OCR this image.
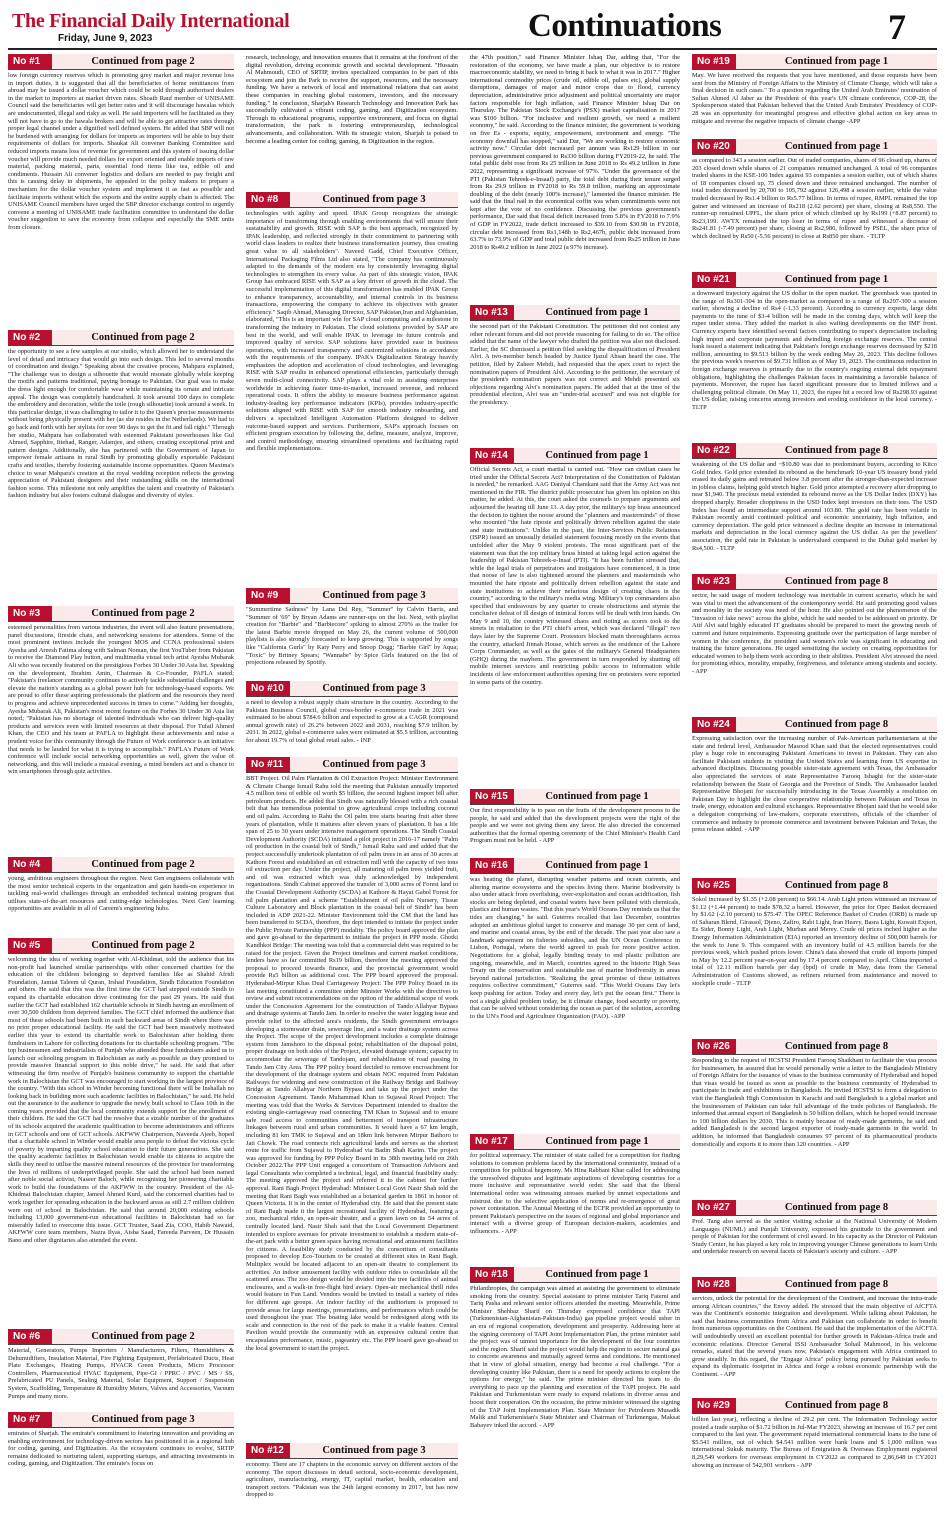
The Financial Daily International
Friday, June 9, 2023	Continuations	7
No #1	Continued from page 2
low foreign currency reserves which is promoting grey market and major revenue loss in import duties, it is suggested that all the beneficiaries of home remittances from abroad may be issued a dollar voucher which could be sold through authorised dealers in the market to importers at market driven rates. Shoaib Rauf member of UNISAME Council said the beneficiaries will get better rates and it will discourage hawalas which are undocumented, illegal and risky as well. He said importers will be facilitated as they will not have to go to the hawala brokers and will be able to get attractive rates through proper legal channel under a dignified well defined system. He added that SBP will not be burdened with arranging for dollars for imports as importers will be able to buy their requirements of dollars for imports. Shaukat Ali convener Banking Committee said reduced imports means loss of revenue for government and this system of issuing dollar voucher will provide much needed dollars for export oriented and enable imports of raw material, packing material, parts, essential food items like tea, edible oil and condiments. Hussain Ali convener logistics and dollars are needed to pay freight and this is causing delay in shipments, he appealed to the policy makers to prepare a mechanism for the dollar voucher system and implement it as fast as possible and facilitate imports without which the exports and the entire supply chain is affected. The UNISAME Council members have urged the SBP director exchange control to urgently convene a meeting of UNISAME trade facilitation committee to understand the dollar voucher suggestion to save the economy from collapse and especially the SME units from closure.
No #2	Continued from page 2
the opportunity to see a few samples at our studio, which allowed her to understand the level of detail and intricacy that would go into each design. This led to several months of coordination and design." Speaking about the creative process, Mahpara explained, "The challenge was to design a silhouette that would resonate globally while keeping the motifs and patterns traditional, paying homage to Pakistan. Our goal was to make the dress light enough for comfortable wear while maintaining its ornate and intricate appeal. The design was completely handcrafted. It took around 100 days to complete the embroidery and decoration, while the toile (rough silhouette) took around a week. In this particular design, it was challenging to tailor it to the Queen's precise measurements without being physically present with her (as she resides in the Netherlands). We had to go back and forth with her stylists for over 90 days to get the fit and fall right." Through her studio, Mahpara has collaborated with esteemed Pakistani powerhouses like Gul Ahmed, Sapphire, Ittehad, Ranger, Adamjee, and others, creating exceptional print and pattern designs. Additionally, she has partnered with the Government of Japan to empower female artisans in rural Sindh by promoting globally exportable Pakistani crafts and textiles, thereby fostering sustainable income opportunities. Queen Maxima's choice to wear Mahpara's creation at the royal wedding reception reflects the growing appreciation of Pakistani designers and their outstanding skills on the international fashion scene. This milestone not only amplifies the talent and creativity of Pakistan's fashion industry but also fosters cultural dialogue and diversity of styles.
No #3	Continued from page 2
esteemed personalities from various industries, the event will also feature presentations, panel discussions, fireside chats, and networking sessions for attendees. Some of the most prominent invitees include the youngest MOS and CCNA professional sisters Ayesha and Areesh Fatima along with Salman Noman, the first YouTuber from Pakistan to receive the Diamond Play button, and multimedia visual tech artist Ayesha Mubarak Ali who was recently featured on the prestigious Forbes 30 Under 30 Asia list. Speaking on the development, Ibrahim Amin, Chairman & Co-Founder, PAFLA stated; "Pakistan's freelancer community continues to actively tackle substantial challenges and elevate the nation's standing as a global power hub for technology-based exports. We are proud to offer these aspiring professionals the platform and the resources they need to progress and achieve unprecedented success in times to come." Adding her thoughts, Ayesha Mubarak Ali, Pakistan's most recent feature on the Forbes 30 Under 30 Asia list noted; "Pakistan has no shortage of talented individuals who can deliver high-quality products and services even with limited resources at their disposal. For Tufail Ahmed Khan, the CEO and his team at PAFLA to highlight these achievements and raise a prudent voice for this community through the Future of Work conference is an initiative that needs to be lauded for what it is trying to accomplish." PAFLA's Future of Work conference will include social networking opportunities as well, given the value of networking, and this will include a musical evening, a mind benders act and a chance to win smartphones through quiz activities.
No #4	Continued from page 2
young, ambitious engineers throughout the region. Next Gen engineers collaborate with the most senior technical experts in the organization and gain hands-on experience in tackling real-world challenges through an embedded technical training program that utilises state-of-the-art resources and cutting-edge technologies. 'Next Gen' learning opportunities are available in all of Careem's engineering hubs.
No #5	Continued from page 2
welcoming the idea of working together with Al-Khidmat, told the audience that his non-profit had launched similar partnerships with other concerned charities for the education of the children belonging to deprived families like as Shahid Afridi Foundation, Jamiat Taleem ul Quran, Irshad Foundation, Sindh Education Foundation and others. He said that this was the first time the GCT had stepped outside Sindh to expand its charitable education drive continuing for the past 29 years. He said that earlier the GCT had established 162 charitable schools in Sindh having an enrollment of over 30,500 children from deprived families. The GCT chief informed the audience that most of these schools had been built in such backward areas of Sindh where there was no prior proper educational facility. He said the GCT had been massively motivated earlier this year to extend its charitable work to Balochistan after holding three fundraisers in Lahore for collecting donations for its charitable schooling program. "The top businessmen and industrialists of Punjab who attended these fundraisers asked us to launch our schooling program in Balochistan as early as possible as they promised to provide massive financial support to this noble drive," he said. He said that after witnessing the firm resolve of Punjab's business community to support the charitable work in Balochistan the GCT was encouraged to start working in the largest province of the country. "With this school in Winder becoming functional there will be Inshallah no looking back in building more such academic facilities in Balochistan," he said. He held out the assurance to the audience to upgrade the newly built school to Class 10th in the coming years provided that the local community extends support for the enrollment of their children. He said the GCT had the resolve that a sizable number of the graduates of its schools acquired the academic qualification to become administrators and officers in GCT schools and one of GCT schools. AKFWW Chairperson, Naveeda Ajeeb, hoped that a charitable school in Winder would enable area people to defeat the vicious cycle of poverty by imparting quality school education to their future generations. She said the quality academic facilities in Balochistan would enable its citizens to acquire the skills they need to utilise the massive mineral resources of the province for transforming the lives of millions of underprivileged people. She said the school had been named after noble social activist, Naseer Baloch, while recognising her pioneering charitable work to build the foundations of the AKFWW in the country. President of the Al-Khidmat Balochistan chapter, Jameel Ahmed Kurd, said the concerned charities had to work together for spreading education in the backward areas as still 2.7 million children were out of school in Balochistan. He said that around 20,000 existing schools including 13,000 government-run educational facilities in Balochistan had so far miserably failed to overcome this issue. GCT Trustee, Saad Zia, COO, Habib Nawaid, AKFWW core team members, Nazra Ilyas, Aisha Saad, Fareeda Parveen, Dr Hussain Bano and other dignitaries also attended the event.
No #6	Continued from page 2
Material, Generators, Pumps Importers / Manufacturers, Filters, Humidifiers & Dehumidifiers, Insulation Material, Fire Fighting Equipment, Prefabricated Ducts, Heat Plate Exchanges, Heating Pumps, HVACR Green Products, Micro Processor Controllers, Pharmaceutical HVAC Equipment, Pipe-GI / PPRC / PVC / MS / SS, Prefabricated PU Panels, Sealing Material, Solar Equipment, Support / Suspension System, Scaffolding, Temperature & Humidity Meters, Valves and Accessories, Vacuum Pumps and many more.
No #7	Continued from page 3
emirates of Sharjah. The emirate's commitment to fostering innovation and providing an enabling environment for technology-driven sectors has positioned it as a regional hub for coding, gaming, and Digitization. As the ecosystem continues to evolve, SRTIP remains dedicated to nurturing talent, supporting startups, and attracting investments in coding, gaming, and Digitization. The emirate's focus on
research, technology, and innovation ensures that it remains at the forefront of the digital revolution, driving economic growth and societal development. "Hussain Al Mahmoudi, CEO of SRTIP, invites specialized companies to be part of this ecosystem and join the Park to receive the support, resources, and the necessary funding. We have a network of local and international relations that can assist these companies in reaching global customers, investors, and the necessary funding." In conclusion, Sharjah's Research Technology and Innovation Park has successfully cultivated a vibrant coding, gaming, and Digitization ecosystem. Through its educational programs, supportive environment, and focus on digital transformation, the park is fostering entrepreneurship, technological advancements, and collaboration. With its strategic vision, Sharjah is poised to become a leading center for coding, gaming, & Digitization in the region.
No #8	Continued from page 3
technologies with agility and speed. IPAK Group recognizes the strategic importance of transforming through enabling environments that will ensure their sustainability and growth. RISE with SAP is the best approach, recognized by IPAK leadership, and reflected strongly in their commitment to partnering with world class leaders to realize their business transformation journey, thus creating great value to all stakeholders". Naveed Gadd, Chief Executive Officer, International Packaging Films Ltd also stated, "The company has continuously adapted to the demands of the modern era by consistently leveraging digital technologies to strengthen its every value. As part of this strategic vision, IPAK Group has embraced RISE with SAP as a key driver of growth in the cloud. The successful implementation of this digital transformation has enabled IPAK Group to enhance transparency, accountability, and internal controls in its business transactions, empowering the company to achieve its objectives with greater efficiency." Saqib Ahmad, Managing Director, SAP Pakistan,Iran and Afghanistan, elaborated, "This is an important win for SAP cloud computing and a milestone in transforming the industry in Pakistan. The cloud solutions provided by SAP are best in the world, and will enable IPAK to leverage its future controls and improved quality of service. SAP solutions have provided ease in business operations, with increased transparency and customized solutions in accordance with the requirements of the company. IPAK's Digitalization Strategy heavily emphasizes the adoption and acceleration of cloud technologies, and leveraging RISE with SAP results in enhanced operational efficiencies, particularly through seven multi-cloud connectivity. SAP plays a vital role in assisting enterprises worldwide in achieving faster time-to-market, increased revenue, and reduced operational costs. It offers the ability to measure business performance against industry-leading key performance indicators (KPIs), provides industry-specific solutions aligned with RISE with SAP for smooth industry onboarding, and delivers a specialized Intelligent Automation Platform designed to deliver outcome-based support and services. Furthermore, SAP's approach focuses on efficient program execution by following the, define, measure, analyze, improve, and control methodology, ensuring streamlined operations and facilitating rapid and flexible implementations.
No #9	Continued from page 3
"Summertime Sadness" by Lana Del Rey, "Summer" by Calvin Harris, and "Summer of '69" by Bryan Adams are runner-ups on the list. Next, with playlist creation for "Barbie" and "Barbiecore" spiking to almost 270% as the trailer for the latest Barbie movie dropped on May 26, the current volume of 500,000 playlists is also strongly forecasted to keep growing. This is supported by songs like "California Gurls" by Katy Perry and Snoop Dogg; "Barbie Girl" by Aqua; "Toxic" by Britney Spears; "Wannabe" by Spice Girls featured on the list of projections released by Spotify.
No #10	Continued from page 3
a need to develop a robust supply chain structure in the country. According to the Pakistan Business Council, global cross-border e-commerce trade in 2021 was estimated to be about $784.6 billion and expected to grow at a CAGR (compound annual growth rate) of 26.2% between 2022 and 2031, reaching $7.9 trillion by 2031. In 2022, global e-commerce sales were estimated at $5.5 trillion, accounting for about 19.7% of total global retail sales. - INP
No #11	Continued from page 3
BBT Project. Oil Palm Plantation & Oil Extraction Project: Minister Environment & Climate Change Ismail Rahu told the meeting that Pakistan annually imported 4.5 million tons of edible oil worth $5 billion, the second highest import bill after petroleum products. He added that Sindh was naturally blessed with a rich coastal belt that has tremendous potential to grow agricultural crops including coconut and oil palm. According to Rahu the Oil palm tree starts bearing fruit after three years of plantation, while it matures after eleven years of plantation. It has a life span of 25 to 30 years under intensive management operations. The Sindh Coastal Development Authority (SCDA) initiated a pilot project in 2016-17 namely "Palm oil production in the coastal belt of Sindh," Ismail Rahu said and added that the project successfully undertook plantation of oil palm trees in an area of 30 acres at Kathore Forest and established an oil extraction mill with the capacity of two tons oil extraction per day. Under the project, all maturing oil palm trees yielded fruit, and oil was extracted which was duly acknowledged by independent organizations. Sindh Cabinet approved the transfer of 3,000 acres of Forest land to the Coastal Development Authority (SCDA) at Kathore & Hayat Gabol Forest for oil palm plantation and a scheme "Establishment of oil palm Nursery, Tissue Culture Laboratory and Block plantation in the coastal belt of Sindh" has been included in ADP 2021-22. Minister Environment told the CM that the land has been transferred to SCDA, therefore, the dept intended to initiate the project under the Public Private Partnership (PPP) modality. The policy board approved the plan and gave go-ahead to the department to initiate the project in PPP mode. Ghotki Kandhkot Bridge: The meeting was told that a commercial debt was required to be raised for the project. Given the Project timelines and current market conditions, lenders have so far committed Rs19 billion, therefore the meeting approved the proposal to proceed towards finance, and the provincial government would provide Rs5 billion as additional cost. The PPP board approved the proposal. Hyderabad-Mirpur Khas Dual Carriageway Project: The PPP Policy Board in its last meeting constituted a committee under Minister Works with the directives to review and submit recommendations on the option of the additional scope of work under the Concession Agreement for the construction of Tando Allahyar Bypass and drainage systems at Tando Jam. In order to resolve the water logging issue and provide relief to the affected area's residents, the Sindh government envisages developing a stormwater drain, sewerage line, and a water drainage system across the Project. The scope of the project development includes a complete drainage system from Jamshoro to the disposal point; rehabilitation of the disposal point, proper drainage on both sides of the Project, elevated drainage system; capacity to accommodate the sewerage of Tandojam, and rehabilitation of road passing in Tando Jam City Area. The PPP policy board decided to remove encroachment for the development of the drainage system and obtain NOC required from Pakistan Railways for widening and new construction of the Railway Bridge and Railway Bridge at Tando Allahyar Northern Bypass and take up the project under the Concession Agreement. Tando Muhammad Khan to Sujawal Road Project: The meeting was told that the Works & Services Department intended to dualize the existing single-carriageway road connecting TM Khan to Sujawal and to ensure safe road access to communities and betterment of transport infrastructure linkages between rural and urban communities. It would have a 67 km length, including 81 km TMK to Sujawal and an 18km link between Mirpur Bathoro to Jati Chowk. The road connects rich agricultural lands and serves as the shortest route for traffic from Sujawal to Hyderabad via Badin Shah Karim. The project was approved for funding by PPP Policy Board in its 38th meeting held on 26th October 2022.The PPP Unit engaged a consortium of Transaction Advisors and legal Consultants who completed a technical, legal, and financial feasibility study. The meeting approved the project and referred it to the cabinet for further approval. Rani Bagh Project Hyderabad: Minister Local Govt Nasir Shah told the meeting that Rani Bagh was established as a botanical garden in 1861 in honor of Queen Victoria. It is in the center of Hyderabad city. He said that the present state of Rani Bagh made it the largest recreational facility of Hyderabad, featuring a zoo, mechanical rides, an open-air theater, and a green lawn on its 54 acres of centrally located land. Nasir Shah said that the Local Government Department intended to explore avenues for private investment to establish a modern state-of-the-art park with a better green space having recreational and amusement facilities for citizens. A feasibility study conducted by the consortium of consultants proposed to develop Eco-Tourism to be created at different sites in Rani Bagh. Multiplex would be located adjacent to an open-air theatre to complement its activities. An indoor amusement facility with outdoor rides to consolidate all the scattered areas. The zoo design would be divided into the tree facilities of animal enclosures, and a walk-in free-flight bird aviary. Open-air mechanical thrill rides would feature in Fun Land. Vendors would be invited to install a variety of rides for different age groups. An indoor facility of the auditorium is proposed to provide areas for large meetings, presentations, and performances which could be used throughout the year. The boating lake would be redesigned along with its scale and connection to the rest of the park to make it a viable feature. Central Pavilion would provide the community with an expressive cultural centre that encapsulates performance, music, pageantry etc. The PPP board gave go-ahead to the local government to start the project.
No #12	Continued from page 3
economy. There are 17 chapters in the economic survey on different sectors of the economy. The report discusses in detail sectoral, socio-economic development, agriculture, manufacturing, energy, IT, capital market, health, education and transport sectors. "Pakistan was the 24th largest economy in 2017, but has now dropped to
the 47th position," said Finance Minister Ishaq Dar, adding that, "For the restoration of the economy, we have made a plan, our objective is to restore macroeconomic stability, we need to bring it back to what it was in 2017." Higher international commodity prices (crude oil, edible oil, pulses etc), global supply disruptions, damages of major and minor crops due to flood, currency depreciation, administrative price adjustment and political uncertainty are major factors responsible for high inflation, said Finance Minister Ishaq Dar on Thursday. The Pakistan Stock Exchange's (PSX) market capitalisation in 2017 was $100 billion. "For inclusive and resilient growth, we need a resilient economy," he said. According to the finance minister, the government is working on five Es - exports, equity, empowerment, environment and energy. "The economy downfall has stopped," said Dar, "We are working to restore economic activity now." Circular debt increased per annum was Rs129 billion in our previous government compared to Rs330 billion during FY2019-22, he said. The total public debt rose from Rs 25 trillion in June 2018 to Rs 49.2 trillion in June 2022, representing a significant increase of 97%. "Under the governance of the PTI (Pakistan Tehreek-e-Insaaf) party, the total debt during their tenure surged from Rs 29.9 trillion in FY2018 to Rs 59.8 trillion, marking an approximate doubling of the debt (nearly 100% increase)," lamented the finance minister. He said that the final nail in the economical coffin was when commitments were not kept after the vote of no confidence. Discussing the previous government's performance, Dar said that fiscal deficit increased from 5.8% in FY2018 to 7.9% of GDP in FY2022, trade deficit increased to $39.10 from $30.98 in FY2018, circular debt increased from Rs1,148b to Rs2,467b, public debt increased from 63.7% to 73.9% of GDP and total public debt increased from Rs25 trillion in June 2018 to Rs49.2 trillion in June 2022 (a 97% increase).
No #13	Continued from page 1
the second part of the Pakistani Constitution. The petitioner did not contest any other relevant forum and did not provide reasoning for failing to do so. The office added that the name of the lawyer who drafted the petition was also not disclosed. Earlier, the SC dismissed a petition filed seeking the disqualification of President Alvi. A two-member bench headed by Justice Ijazul Ahsan heard the case. The petition, filed by Zaheer Mehdi, had requested that the apex court to reject the nomination papers of President Alvi. According to the petitioner, the secretary of the president's nomination papers was not correct and Mehdi presented six objections regarding Alvi's nomination papers. He added that at the time of the presidential election, Alvi was an "under-trial accused" and was not eligible for the presidency.
No #14	Continued from page 1
Official Secrets Act, a court martial is carried out. "How can civilian cases be tried under the Official Secrets Act? Interpretation of the Constitution of Pakistan is needed," he remarked. AAG Daniyal Chamkani said that the Army Act was not mentioned in the FIR. The district public prosecutor has given his opinion on this matter, he added. At this, the court asked the counsels to prepare arguments and adjourned the hearing till June 13. A day prior, the military's top brass announced the decision to tighten the noose around the "planners and masterminds" of those who mounted "the hate riposte and politically driven rebellion against the state and state institutions". Unlike in the past, the Inter-Services Public Relations (ISPR) issued an unusually detailed statement focusing mostly on the events that unfolded after the May 9 violent protests. The most significant part of the statement was that the top military brass hinted at taking legal action against the leadership of Pakistan Tehreek-e-Insaf (PTI). "It has been further stressed that, while the legal trials of perpetrators and instigators have commenced, it is time that noose of law is also tightened around the planners and masterminds who mounted the hate riposte and politically driven rebellion against the state and state institutions to achieve their nefarious design of creating chaos in the country," according to the military's media wing. Military's top commanders also specified that endeavours by any quarter to create obstructions and stymie the conclusive defeat of ill design of inimical forces will be dealt with iron hands. On May 9 and 10, the country witnessed chaos and rioting as scores took to the streets in retaliation to the PTI chief's arrest, which was declared "illegal" two days later by the Supreme Court. Protestors blocked main thoroughfares across the country, attacked Jinnah House, which serves as the residence of the Lahore Corps Commander, as well as the gates of the military's General Headquarters (GHQ) during the mayhem. The government in turn responded by shutting off mobile internet services and restricting public access to information while incidents of law enforcement authorities opening fire on protesters were reported in some parts of the country.
No #15	Continued from page 1
Our first responsibility is to pass on the fruits of the development process to the people, he said and added that the development projects were the right of the people and we were not giving them any favor. He also directed the concerned authorities that the formal opening ceremony of the Chief Minister's Health Card Program must not be held. - APP
No #16	Continued from page 1
was heating the planet, disrupting weather patterns and ocean currents, and altering marine ecosystems and the species living there. Marine biodiversity is also under attack from overfishing, over-exploitation and ocean acidification, fish stocks are being depleted, and coastal waters have been polluted with chemicals, plastics and human wastes. "But this year's World Oceans Day reminds us that the tides are changing," he said. Guterres recalled that last December, countries adopted an ambitious global target to conserve and manage 30 per cent of land, and marine and coastal areas, by the end of the decade. The past year also saw a landmark agreement on fisheries subsidies, and the UN Ocean Conference in Lisbon, Portugal, where the world agreed to push for more positive action. Negotiations for a global, legally binding treaty to end plastic pollution are ongoing, meanwhile, and in March, countries agreed to the historic High Seas Treaty on the conservation and sustainable use of marine biodiversity in areas beyond national jurisdiction. "Realizing the great promise of these initiatives requires collective commitment," Guterres said. "This World Oceans Day let's keep pushing for action. Today and every day, let's put the ocean first." There is not a single global problem today, be it climate change, food security or poverty, that can be solved without considering the ocean as part of the solution, according to the UN's Food and Agriculture Organization (FAO). -APP
No #17	Continued from page 1
for political supremacy. The minister of state called for a competition for finding solutions to common problems faced by the international community, instead of a competition for political hegemony. Ms Hina Rabbani Khar called for addressing the unresolved disputes and legitimate aspirations of developing countries for a more inclusive and representative world order. She said that the liberal international order was witnessing stresses marked by unmet expectations and mistrust due to the selective application of norms and re-emergence of great power contestation. The Annual Meeting of the ECFR provided an opportunity to present Pakistan's perspective on the issues of regional and global importance and interact with a diverse group of European decision-makers, academies and influencers. - APP
No #18	Continued from page 1
Philanthropies, the campaign was aimed at assisting the government to eliminate smoking from the country. Special assistant to prime minister Tariq Fatemi and Tariq Pasha and relevant senior officers attended the meeting. Meanwhile, Prime Minister Shehbaz Sharif on Thursday expressed confidence that TAPI (Turkmenistan-Afghanistan-Pakistan-India) gas pipeline project would usher in an era of regional cooperation, development and prosperity. Addressing here at the signing ceremony of TAPI Joint Implementation Plan, the prime minister said the project was of utmost importance for the development of the four countries and the region. Sharif said the project would help the region to secure natural gas to concrete awareness and mutually agreed terms and conditions. He mentioned that in view of global situation, energy had become a real challenge. "For a developing country like Pakistan, there is a need for speedy actions to explore the options for energy," he said. The prime minister directed his team to do everything to pace up the planning and execution of the TAPI project. He said Pakistan and Turkmenistan were ready to expand relations in diverse areas and boost their cooperation. On the occasion, the prime minister witnessed the signing of the TAP Joint Implementation Plan. State Minister for Petroleum Musadik Malik and Turkmenistan's State Minister and Chairman of Turkmengas, Maksat Babayev inked the accord. - APP
No #19	Continued from page 1
May. We have received the requests that you have mentioned, and those requests have been sent from the Ministry of Foreign Affairs to the Ministry of Climate Change, which will take a final decision in such cases." To a question regarding the United Arab Emirates' nomination of Sultan Ahmed Al Jaber as the President of this year's UN climate conference, COP-28, the Spokesperson stated that Pakistan believed that the United Arab Emirates' Presidency of COP-28 was an opportunity for meaningful progress and effective global action on key areas to mitigate and reverse the negative impacts of climate change -APP
No #20	Continued from page 1
as compared to 343 a session earlier. Out of traded companies, shares of 96 closed up, shares of 203 closed down while shares of 21 companies remained unchanged. A total of 96 companies traded shares in the KSE-100 Index against 93 companies a session earlier, out of which shares of 18 companies closed up, 75 closed down and three remained unchanged. The number of total trades decreased by 20,700 to 105,792 against 126,498 a session earlier, while the value traded decreased by Rs1.4 billion to Rs5.77 billion. In terms of rupee, RMPL remained the top gainer and witnessed an increase of Rs218 (2.62 percent) per share, closing at Rs8,550. The runner-up remained UPFL, the share price of which climbed up by Rs199 (+8.87 percent) to Rs23,199. AWTX remained the top loser in terms of rupee and witnessed a decrease of Rs241.81 (-7.49 percent) per share, closing at Rs2,986, followed by PSEL, the share price of which declined by Rs50 (-5.56 percent) to close at Rs850 per share. - TLTP
No #21	Continued from page 1
a downward trajectory against the US dollar in the open market. The greenback was quoted in the range of Rs301-304 in the open-market as compared to a range of Rs297-300 a session earlier, showing a decline of Rs4 (-1.33 percent). According to currency experts, large debt payments to the tune of $3-4 billion will be made in the coming days, which will keep the rupee under stress. They added the market is also waiting developments on the IMF front. Currency experts have identified several factors contributing to rupee's depreciation including high import and corporate payments and dwindling foreign exchange reserves. The central bank issued a statement indicating that Pakistan's foreign exchange reserves decreased by $218 million, amounting to $9.513 billion by the week ending May 26, 2023. This decline follows the previous week's reserves of $9.731 billion as of May 19, 2023. The continuous reduction in foreign exchange reserves is primarily due to the country's ongoing external debt repayment obligations, highlighting the challenges Pakistan faces in maintaining a favorable balance of payments. Moreover, the rupee has faced significant pressure due to limited inflows and a challenging political climate. On May 11, 2023, the rupee hit a record low of Rs298.93 against the US dollar, raising concerns among investors and eroding confidence in the local currency. - TLTP
No #22	Continued from page 8
weakening of the US dollar and ~$10.80 was due to predominant buyers, according to Kitco Gold Index. Gold price extended its rebound as the benchmark 10-year US treasury bond yield erased its daily gains and retreated below 3.8 percent after the stronger-than-expected increase in jobless claims, helping gold stretch higher. Gold price attempted a recovery after dropping to near $1,940. The precious metal extended its rebound move as the US Dollar Index (DXY) has dropped sharply. Broader choppiness in the USD Index kept investors on their toes. The USD Index has found an intermediate support around 103.80. The gold rate has been volatile in Pakistan recently amid continued political and economic uncertainty, high inflation, and currency depreciation. The gold price witnessed a decline despite an increase in international markets and depreciation in the local currency against the US dollar. As per the jewellers' association, the gold rate in Pakistan is undervalued compared to the Dubai gold market by Rs4,500. - TLTP
No #23	Continued from page 8
sector, he said usage of modern technology was inevitable in current scenario, which he said was vital to meet the advancement of the contemporary world. He said promoting good values and morality in the society was need of the hour. He also pointed out the phenomenon of the "invasion of fake news" across the globe, which he said needed to be addressed on priority. Dr Atif Alvi said highly educated IT graduates should be prepared to meet the growing needs of current and future requirements. Expressing gratitude over the participation of large number of women in the conference, the president said women's role was significant in educating and training the future generations. He urged sensitizing the society on creating opportunities for educated women to help them work according to their abilities. President Alvi stressed the need for promoting ethics, morality, empathy, forgiveness, and tolerance among students and society. - APP
No #24	Continued from page 8
Expressing satisfaction over the increasing number of Pak-American parliamentarians at the state and federal level, Ambassador Masood Khan said that the elected representatives could play a huge role in encouraging Pakistani Americans to invest in Pakistan. They can also facilitate Pakistani students in visiting the United States and learning from US expertise in advanced disciplines. Discussing possible sister-state agreement with Texas, the Ambassador also appreciated the services of state Representative Farooq Ishaghi for the sister-state relationship between the State of Georgia and the Province of Sindh. The Ambassador lauded Representative Bhojani for successfully introducing in the Texas Assembly a resolution on Pakistan Day to highlight the close cooperative relationship between Pakistan and Texas in trade, energy, education and cultural exchanges. Representative Bhojani said that he would take a delegation comprising of law-makers, corporate executives, officials of the chamber of commerce and industry to promote commerce and investment between Pakistan and Texas, the press release added. - APP
No #25	Continued from page 8
Sokol increased by $1.35 (+2.08 percent) to $66.14. Arab Light prices witnessed an increase of $1.12 (+1.44 percent) to trade $78.32 a barrel. However, the price for Opec Basket decreased by $1.62 (-2.10 percent) to $75.47. The OPEC Reference Basket of Crudes (ORB) is made up of Saharan Blend, Girassol, Djeno, Zafiro, Rabi Light, Iran Heavy, Basra Light, Kuwait Export, Es Sider, Bonny Light, Arab Light, Murban and Merey. Crude oil prices inched higher as the Energy Information Administration (EIA) reported an inventory decline of 500,000 barrels for the week to June 9. This compared with an inventory build of 4.5 million barrels for the previous week, which pushed prices lower. China's data showed that crude oil imports jumped in May by 12.2 percent year-on-year and by 17.4 percent compared to April. China imported a total of 12.11 million barrels per day (bpd) of crude in May, data from the General Administration of Customs showed, as refiners returned from maintenance and moved to stockpile crude - TLTP
No #26	Continued from page 8
Responding to the request of HCSTSI President Farooq Shaikhani to facilitate the visa process for businessmen, he assured that he would personally write a letter to the Bangladesh Ministry of Foreign Affairs for the issuance of visas to the business community of Hyderabad and hoped that visas would be issued as soon as possible to the business community of Hyderabad to participate in trade and exhibitions in Bangladesh. He invited HCSTSI to form a delegation to visit the Bangladesh High Commission in Karachi and said Bangladesh is a global market and the businessmen of Pakistan can take full advantage of the trade policies of Bangladesh. He informed that annual export of Bangladesh is 50 billion dollars, which he hoped would increase to 100 billion dollars by 2030. This is mainly because of ready-made garments, he said and added Bangladesh is the second largest exporter of ready-made garments in the world. In addition, he informed that Bangladesh consumes 97 percent of its pharmaceutical products domestically and exports it to more than 120 countries. - APP
No #27	Continued from page 8
Prof. Tang also served as the senior visiting scholar at the National University of Modern Languages (NUML) and Punjab University, expressed his gratitude to the government and people of Pakistan for the conferment of civil award. In his capacity as the Director of Pakistan Study Center, he has played a key role in improving younger Chinese generations to learn Urdu and undertake research on several facets of Pakistan's society and culture. - APP
No #28	Continued from page 8
services, unlock the potential for the development of the Continent, and increase the intra-trade among African countries," the Envoy added. He stressed that the main objective of AfCFTA was the Continent's economic integration and development. While talking about Pakistan, he said that business communities from Africa and Pakistan can collaborate in order to benefit from numerous opportunities on the Continent. He said that the implementation of the AfCFTA will undoubtedly unveil an excellent potential for further growth in Pakistan-Africa trade and economic relations. Director General ISSI Ambassador Sohail Mahmood, in his welcome remarks, stated that the several years now, Pakistan's engagement with Africa continued to grow steadily. In this regard, the "Engage Africa" policy being pursued by Pakistan seeks to expand its diplomatic footprint in Africa and forge a robust economic partnership with the Continent. - APP
No #29	Continued from page 8
billion last year), reflecting a decline of 29.2 per cent. The Information Technology sector posted a trade surplus of $1.72 billion in Jul-Mar FY2023, showing an increase of 16.7 per cent compared to the last year. The government repaid international commercial loans to the tune of $5.541 million, out of which $4.541 million were bank loans and $ 1,000 million was international Sukuk maturity. The Bureau of Emigration & Overseas Employment registered 8,29,549 workers for overseas employment in CY2022 as compared to 2,86,648 in CY2021 showing an increase of 542,901 workers - APP
